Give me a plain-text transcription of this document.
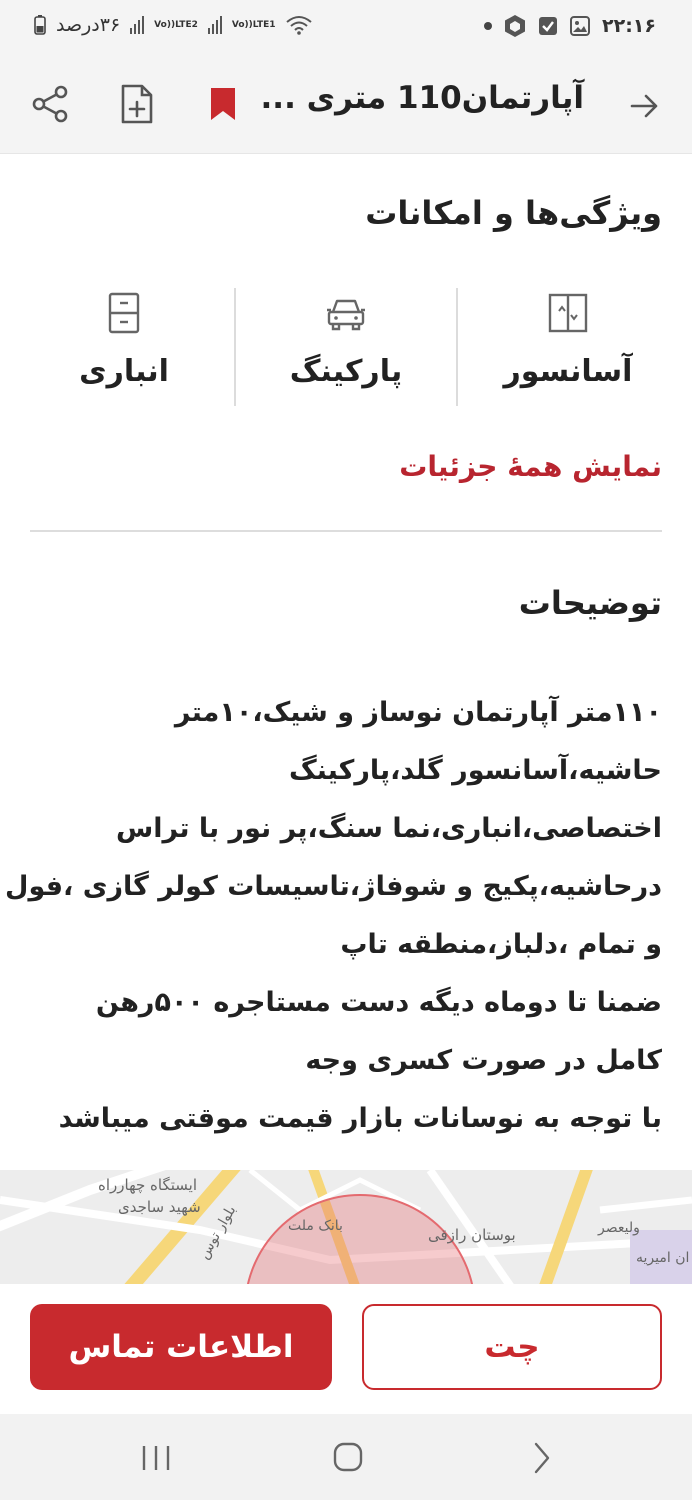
۳۶درصد	Vo)) LTE2	Vo)) LTE1	۲۲:۱۶
آپارتمان110 متری ...
ویژگی‌ها و امکانات
آسانسور
پارکینگ
انباری
نمایش همهٔ جزئیات
توضیحات
۱۱۰متر آپارتمان نوساز و شیک،۱۰متر
حاشیه،آسانسور گلد،پارکینگ
اختصاصی،انباری،نما سنگ،پر نور با تراس
درحاشیه،پکیج و شوفاژ،تاسیسات کولر گازی ،فول
و تمام ،دلباز،منطقه تاپ
ضمنا تا دوماه دیگه دست مستاجره ۵۰۰رهن
کامل در صورت کسری وجه
با توجه به نوسانات بازار قیمت موقتی میباشد
ایستگاه چهارراه
شهید ساجدی
بانک ملت	بوستان رازقی
بلوار توس	ولیعصر
ان امیریه
اطلاعات تماس	چت
